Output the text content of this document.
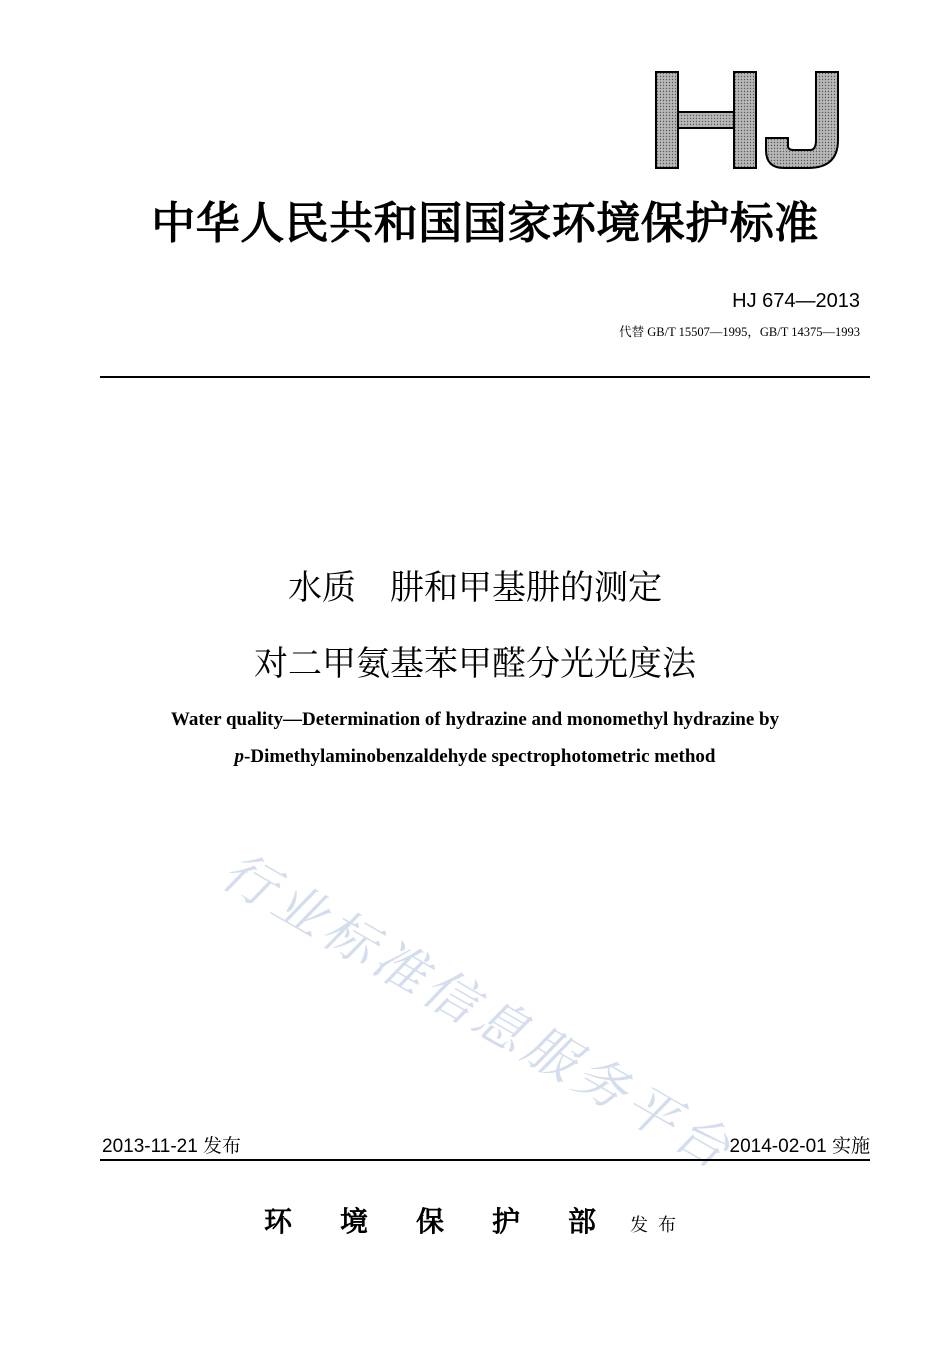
中华人民共和国国家环境保护标准
HJ 674—2013
代替 GB/T 15507—1995，GB/T 14375—1993
水质　肼和甲基肼的测定
对二甲氨基苯甲醛分光光度法
Water quality—Determination of hydrazine and monomethyl hydrazine by
p-Dimethylaminobenzaldehyde spectrophotometric method
行业标准信息服务平台
2013-11-21 发布	2014-02-01 实施
环境保护部发布
